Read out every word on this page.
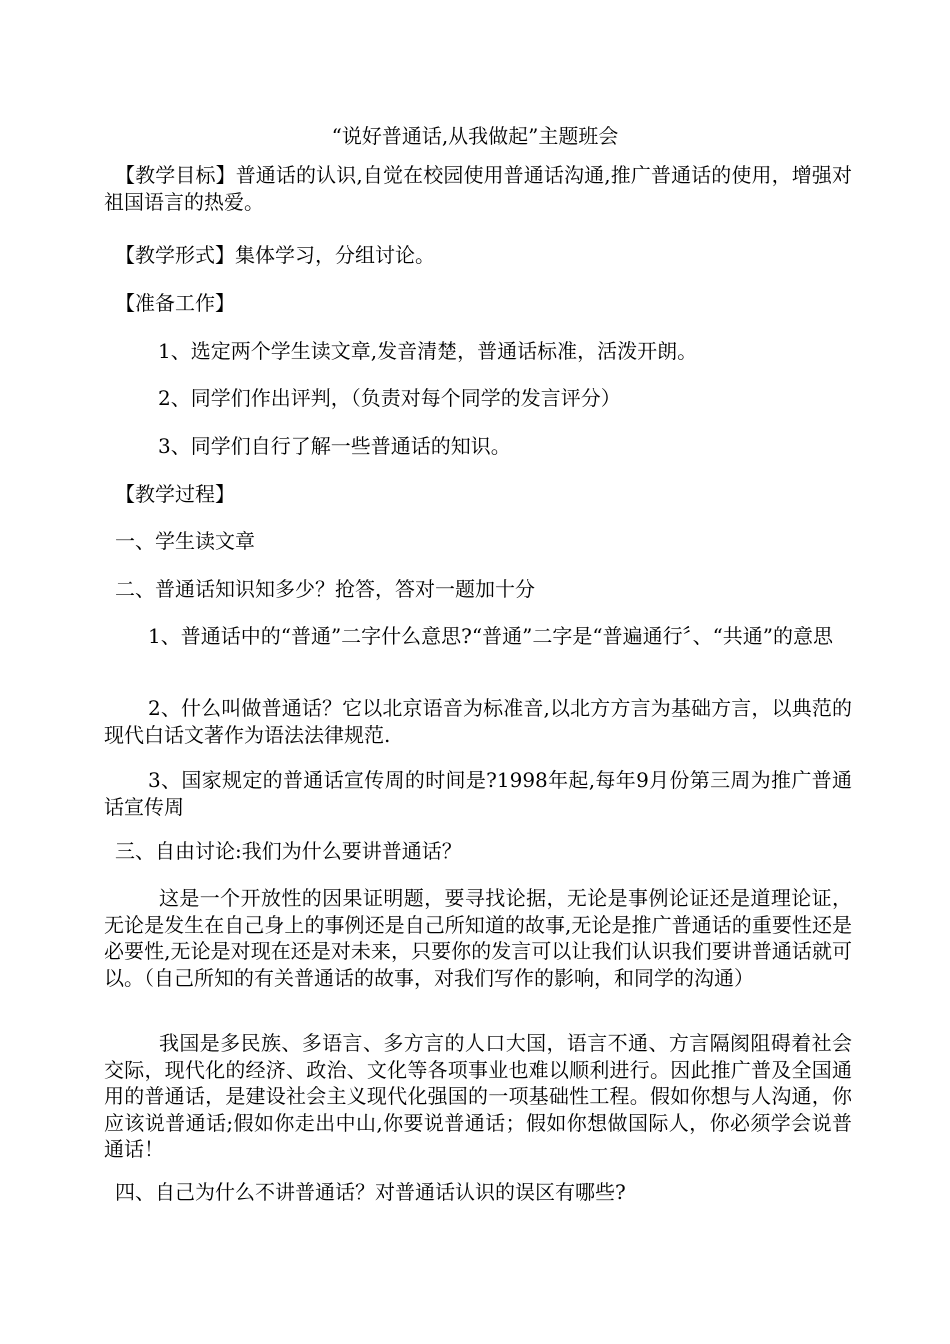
“说好普通话,从我做起”主题班会
【教学目标】普通话的认识,自觉在校园使用普通话沟通,推广普通话的使用，增强对祖国语言的热爱。
【教学形式】集体学习，分组讨论。
【准备工作】
1、选定两个学生读文章,发音清楚，普通话标准，活泼开朗。
2、同学们作出评判，（负责对每个同学的发言评分）
3、同学们自行了解一些普通话的知识。
【教学过程】
一、学生读文章
二、普通话知识知多少？抢答，答对一题加十分
1、普通话中的“普通”二字什么意思?“普通”二字是“普遍通行〞、“共通”的意思
2、什么叫做普通话？它以北京语音为标准音,以北方方言为基础方言，以典范的现代白话文著作为语法法律规范.
3、国家规定的普通话宣传周的时间是?1998年起,每年9月份第三周为推广普通话宣传周
三、自由讨论:我们为什么要讲普通话？
这是一个开放性的因果证明题，要寻找论据，无论是事例论证还是道理论证，无论是发生在自己身上的事例还是自己所知道的故事,无论是推广普通话的重要性还是必要性,无论是对现在还是对未来，只要你的发言可以让我们认识我们要讲普通话就可以。（自己所知的有关普通话的故事，对我们写作的影响，和同学的沟通）
我国是多民族、多语言、多方言的人口大国，语言不通、方言隔阂阻碍着社会交际，现代化的经济、政治、文化等各项事业也难以顺利进行。因此推广普及全国通用的普通话，是建设社会主义现代化强国的一项基础性工程。假如你想与人沟通，你应该说普通话;假如你走出中山,你要说普通话；假如你想做国际人，你必须学会说普通话！
四、自己为什么不讲普通话？对普通话认识的误区有哪些?
